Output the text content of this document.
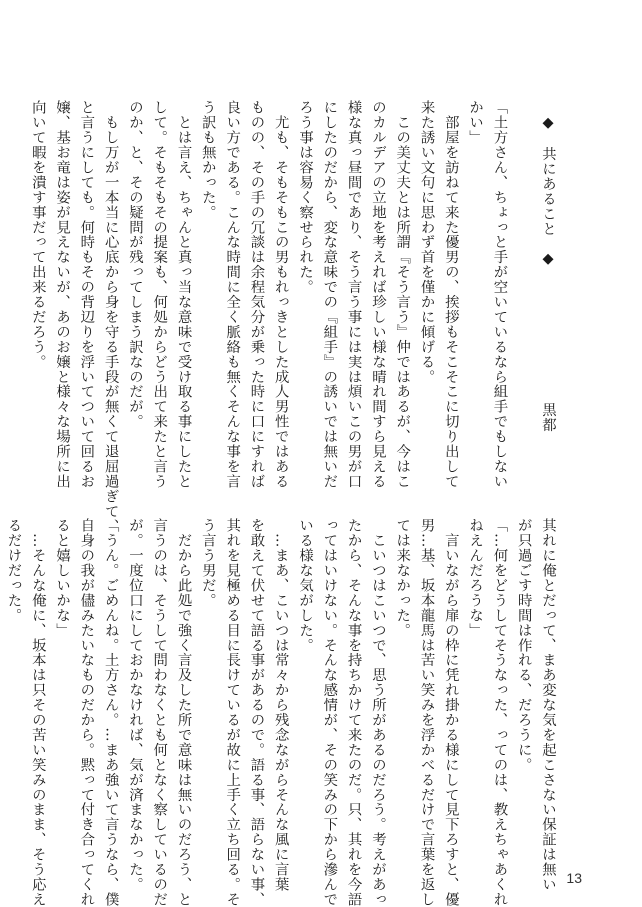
　◆　共にあること　◆　　　　　　　　　黒都

「土方さん、ちょっと手が空いているなら組手でもしない

かい」

　部屋を訪ねて来た優男の、挨拶もそこそこに切り出して

来た誘い文句に思わず首を僅かに傾げる。

　この美丈夫とは所謂『そう言う』仲ではあるが、今はこ

のカルデアの立地を考えれば珍しい様な晴れ間すら見える

様な真っ昼間であり、そう言う事には実は煩いこの男が口

にしたのだから、変な意味での『組手』の誘いでは無いだ

ろう事は容易く察せられた。

　尤も、そもそもこの男もれっきとした成人男性ではある

ものの、その手の冗談は余程気分が乗った時に口にすれば

良い方である。こんな時間に全く脈絡も無くそんな事を言

う訳も無かった。

　とは言え、ちゃんと真っ当な意味で受け取る事にしたと

して。そもそもその提案も、何処からどう出て来たと言う

のか、と、その疑問が残ってしまう訳なのだが。

　もし万が一本当に心底から身を守る手段が無くて退屈過ぎて、

と言うにしても。何時もその背辺りを浮いてついて回るお

嬢、基お竜は姿が見えないが、あのお嬢と様々な場所に出

向いて暇を潰す事だって出来るだろう。

其れに俺とだって、まあ変な気を起こさない保証は無い

が只過ごす時間は作れる、だろうに。

「…何をどうしてそうなった、ってのは、教えちゃあくれ

ねえんだろうな」

　言いながら扉の枠に凭れ掛かる様にして見下ろすと、優

男…基、坂本龍馬は苦い笑みを浮かべるだけで言葉を返し

ては来なかった。

　こいつはこいつで、思う所があるのだろう。考えがあっ

たから、そんな事を持ちかけて来たのだ。只、其れを今語

ってはいけない。そんな感情が、その笑みの下から滲んで

いる様な気がした。

　…まあ、こいつは常々から残念ながらそんな風に言葉

を敢えて伏せて語る事があるので。語る事、語らない事、

其れを見極める目に長けているが故に上手く立ち回る。そ

う言う男だ。

　だから此処で強く言及した所で意味は無いのだろう、と

言うのは、そうして問わなくとも何となく察しているのだ

が。一度位口にしておかなければ、気が済まなかった。

「うん。ごめんね。土方さん。…まあ強いて言うなら、僕

自身の我が儘みたいなものだから。黙って付き合ってくれ

ると嬉しいかな」

　…そんな俺に、坂本は只その苦い笑みのまま、そう応え

るだけだった。

13
